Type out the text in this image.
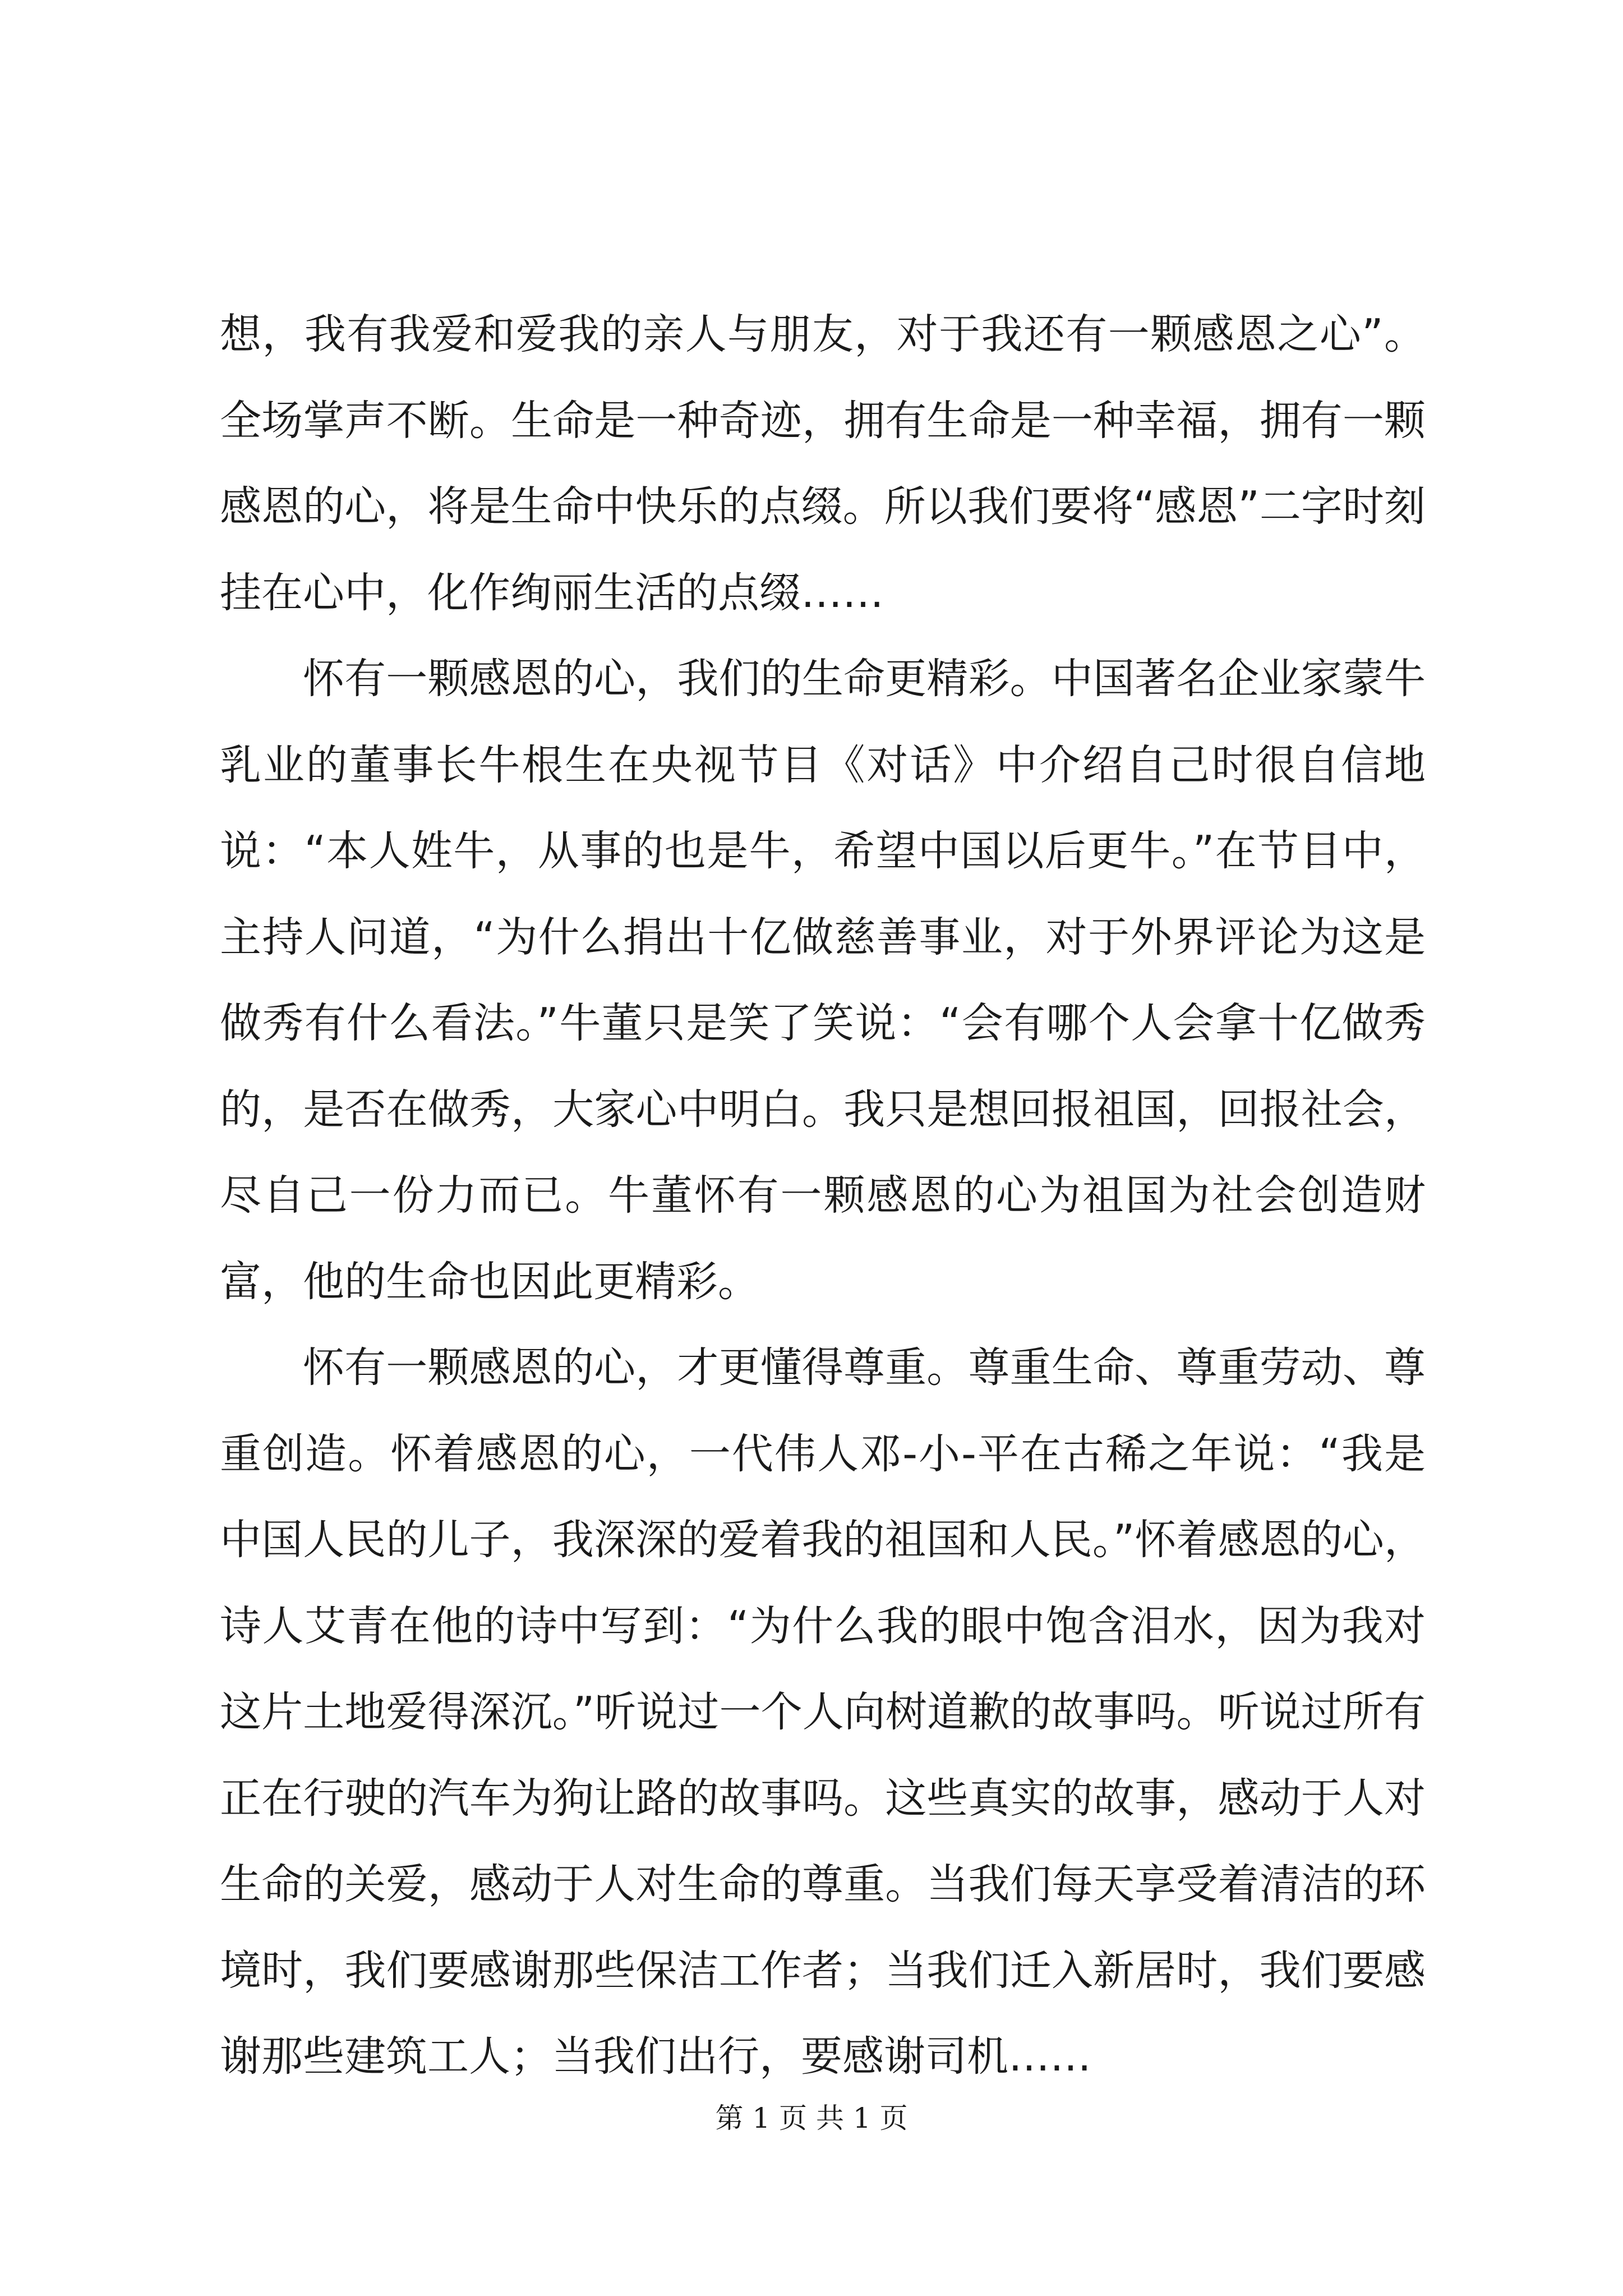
想，我有我爱和爱我的亲人与朋友，对于我还有一颗感恩之心”。全场掌声不断。生命是一种奇迹，拥有生命是一种幸福，拥有一颗感恩的心，将是生命中快乐的点缀。所以我们要将“感恩”二字时刻挂在心中，化作绚丽生活的点缀……

怀有一颗感恩的心，我们的生命更精彩。中国著名企业家蒙牛乳业的董事长牛根生在央视节目《对话》中介绍自己时很自信地说：“本人姓牛，从事的也是牛，希望中国以后更牛。”在节目中，主持人问道，“为什么捐出十亿做慈善事业，对于外界评论为这是做秀有什么看法。”牛董只是笑了笑说：“会有哪个人会拿十亿做秀的，是否在做秀，大家心中明白。我只是想回报祖国，回报社会，尽自己一份力而已。牛董怀有一颗感恩的心为祖国为社会创造财富，他的生命也因此更精彩。

怀有一颗感恩的心，才更懂得尊重。尊重生命、尊重劳动、尊重创造。怀着感恩的心，一代伟人邓-小-平在古稀之年说：“我是中国人民的儿子，我深深的爱着我的祖国和人民。”怀着感恩的心，诗人艾青在他的诗中写到：“为什么我的眼中饱含泪水，因为我对这片土地爱得深沉。”听说过一个人向树道歉的故事吗。听说过所有正在行驶的汽车为狗让路的故事吗。这些真实的故事，感动于人对生命的关爱，感动于人对生命的尊重。当我们每天享受着清洁的环境时，我们要感谢那些保洁工作者；当我们迁入新居时，我们要感谢那些建筑工人；当我们出行，要感谢司机……

第 1 页 共 1 页
